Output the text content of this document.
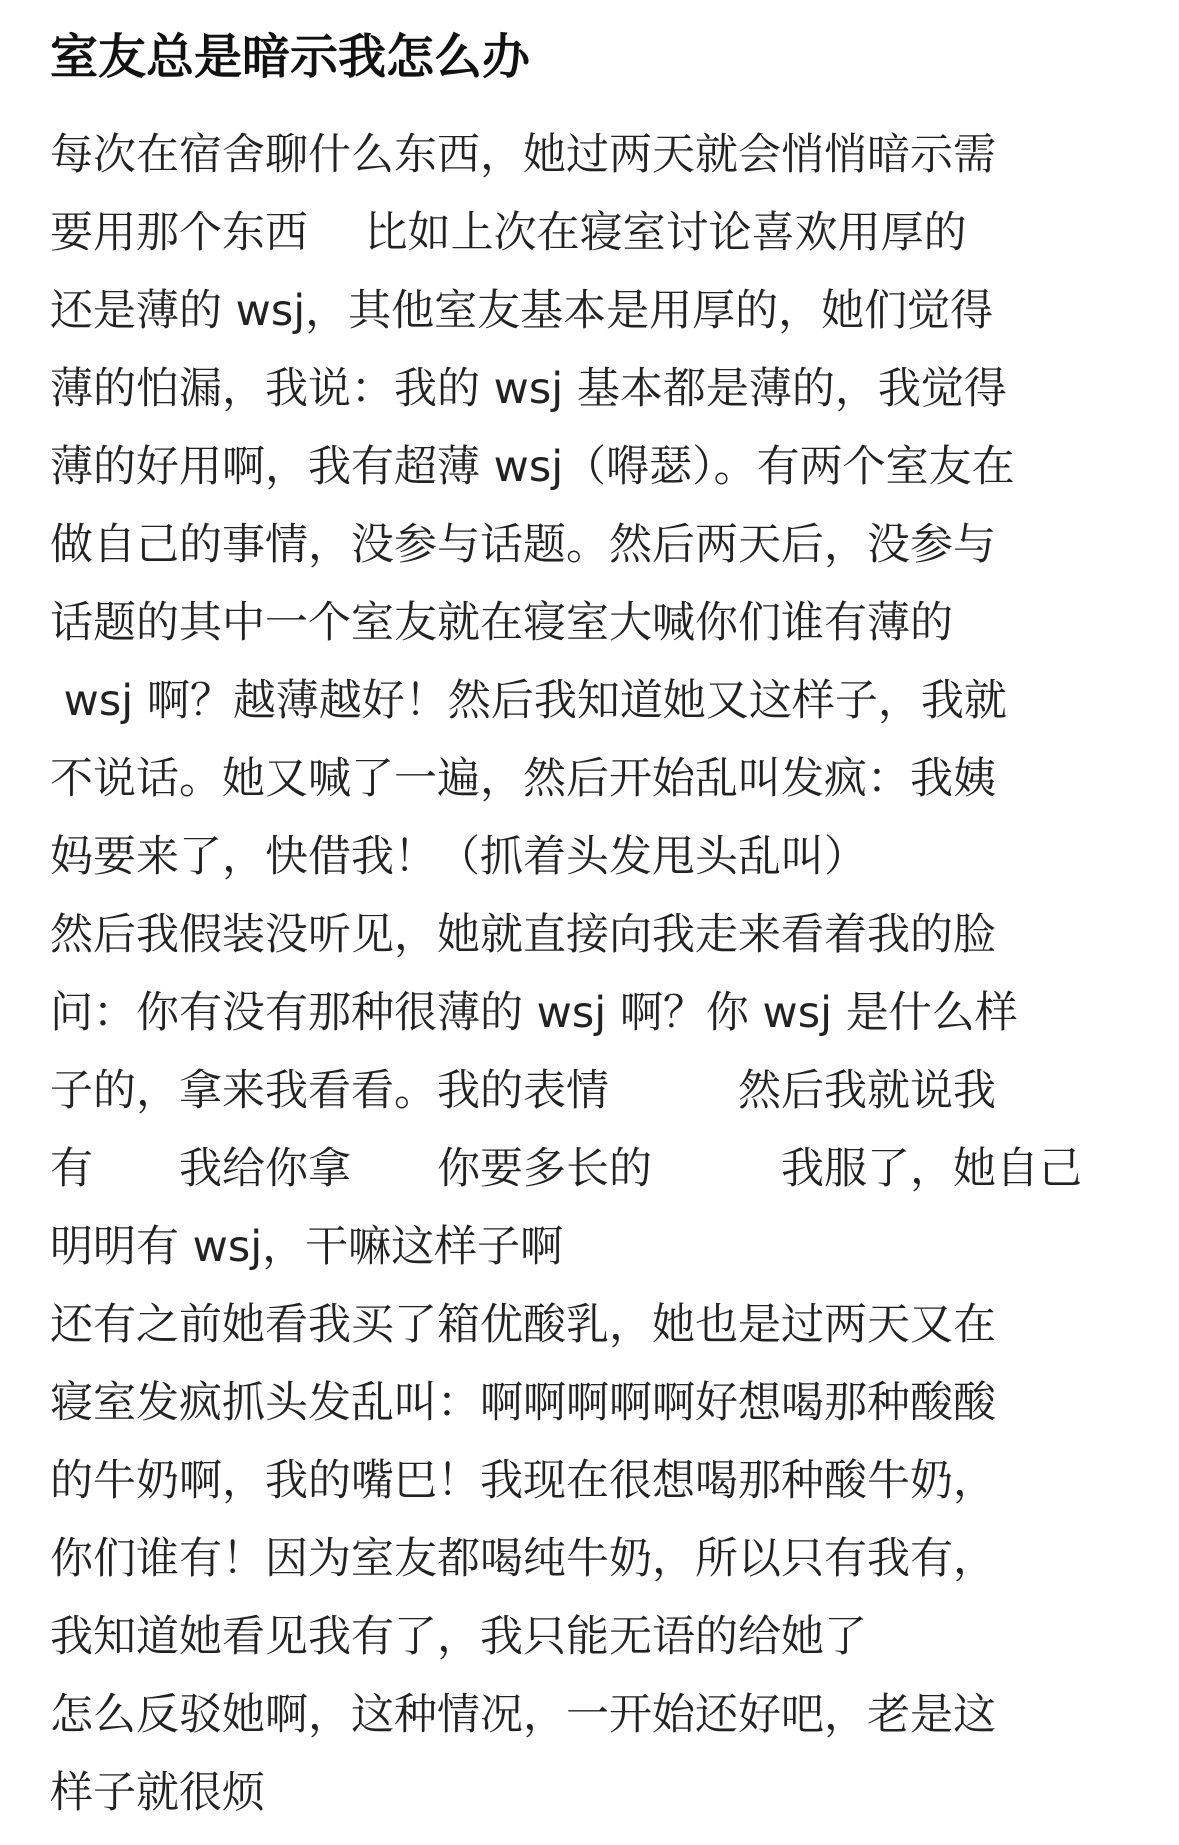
室友总是暗示我怎么办
每次在宿舍聊什么东西，她过两天就会悄悄暗示需
要用那个东西　 比如上次在寝室讨论喜欢用厚的
还是薄的 wsj，其他室友基本是用厚的，她们觉得
薄的怕漏，我说：我的 wsj 基本都是薄的，我觉得
薄的好用啊，我有超薄 wsj（嘚瑟）。有两个室友在
做自己的事情，没参与话题。然后两天后，没参与
话题的其中一个室友就在寝室大喊你们谁有薄的
wsj 啊？越薄越好！然后我知道她又这样子，我就
不说话。她又喊了一遍，然后开始乱叫发疯：我姨
妈要来了，快借我！（抓着头发甩头乱叫）
然后我假装没听见，她就直接向我走来看着我的脸
问：你有没有那种很薄的 wsj 啊？你 wsj 是什么样
子的，拿来我看看。我的表情　　　然后我就说我
有　　我给你拿　　你要多长的　　　我服了，她自己
明明有 wsj，干嘛这样子啊
还有之前她看我买了箱优酸乳，她也是过两天又在
寝室发疯抓头发乱叫：啊啊啊啊啊好想喝那种酸酸
的牛奶啊，我的嘴巴！我现在很想喝那种酸牛奶，
你们谁有！因为室友都喝纯牛奶，所以只有我有，
我知道她看见我有了，我只能无语的给她了
怎么反驳她啊，这种情况，一开始还好吧，老是这
样子就很烦
